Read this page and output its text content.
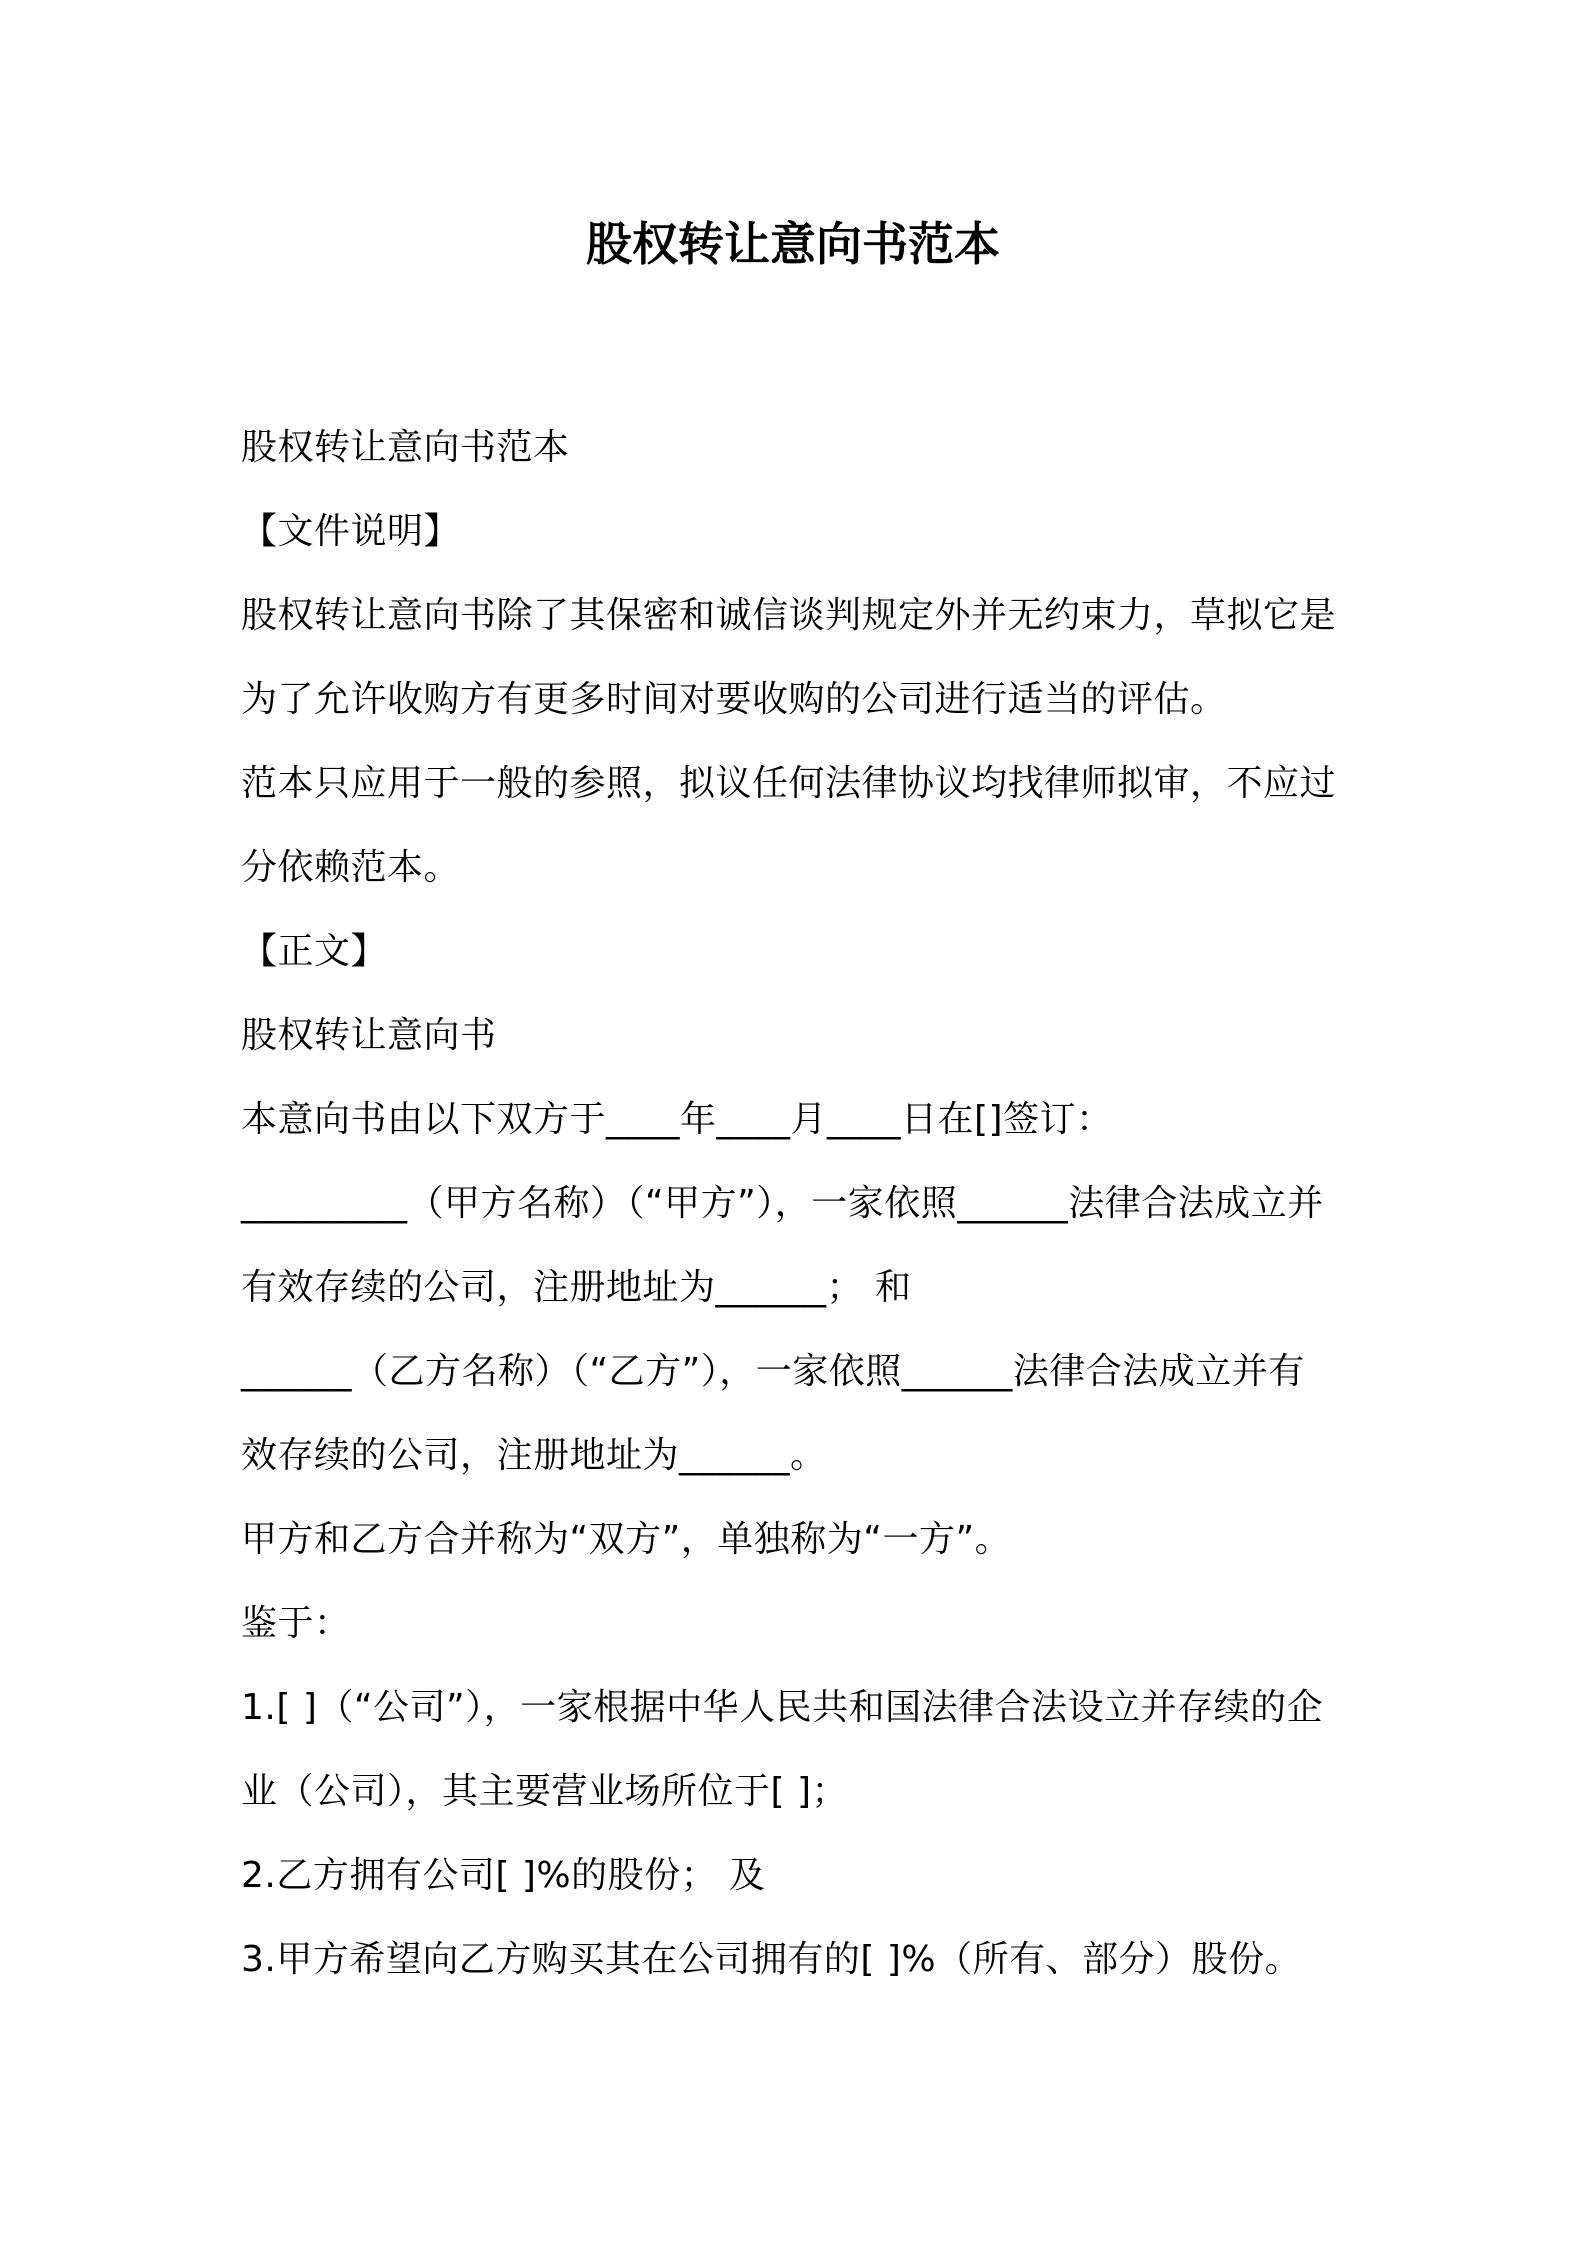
股权转让意向书范本
股权转让意向书范本
【文件说明】
股权转让意向书除了其保密和诚信谈判规定外并无约束力，草拟它是
为了允许收购方有更多时间对要收购的公司进行适当的评估。
范本只应用于一般的参照，拟议任何法律协议均找律师拟审，不应过
分依赖范本。
【正文】
股权转让意向书
本意向书由以下双方于____年____月____日在[]签订：
_________（甲方名称）（“甲方”），一家依照______法律合法成立并
有效存续的公司，注册地址为______； 和
______（乙方名称）（“乙方”），一家依照______法律合法成立并有
效存续的公司，注册地址为______。
甲方和乙方合并称为“双方”，单独称为“一方”。
鉴于：
1.[ ]（“公司”），一家根据中华人民共和国法律合法设立并存续的企
业（公司），其主要营业场所位于[ ]；
2.乙方拥有公司[ ]%的股份； 及
3.甲方希望向乙方购买其在公司拥有的[ ]%（所有、部分）股份。
